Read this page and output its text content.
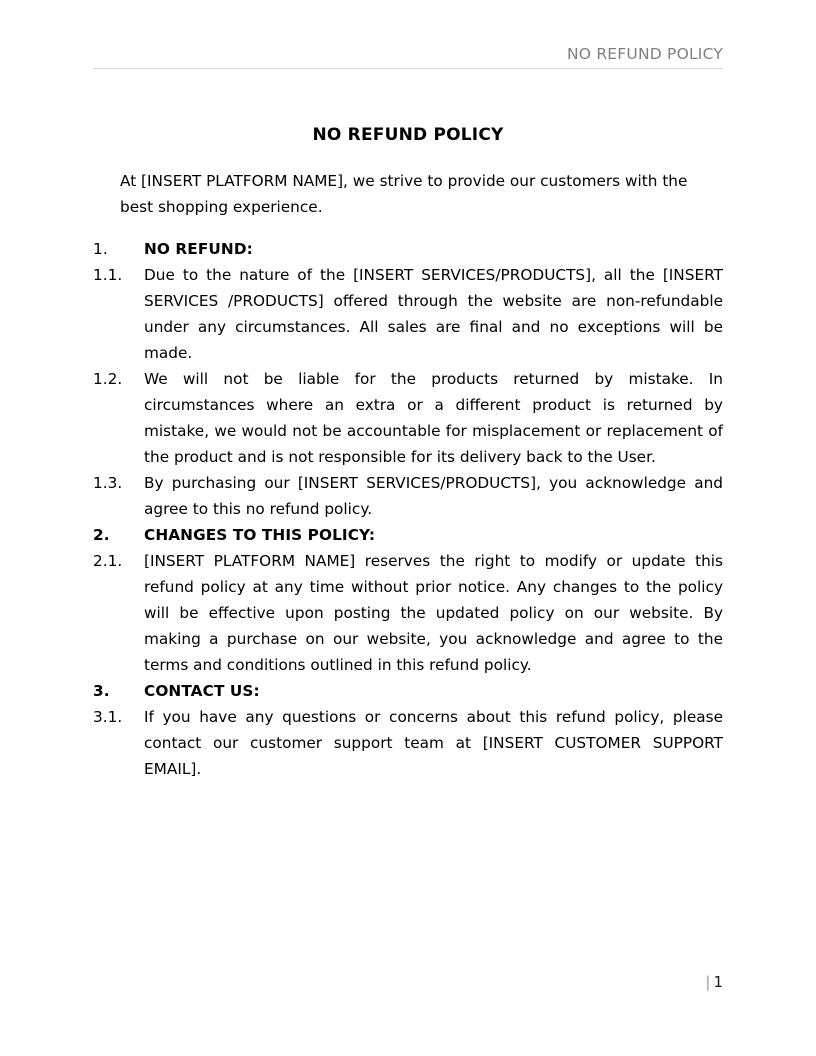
NO REFUND POLICY
NO REFUND POLICY

At [INSERT PLATFORM NAME], we strive to provide our customers with the best shopping experience.

1.	NO REFUND:
1.1.	Due to the nature of the [INSERT SERVICES/PRODUCTS], all the [INSERT SERVICES /PRODUCTS] offered through the website are non-refundable under any circumstances. All sales are final and no exceptions will be made.
1.2.	We will not be liable for the products returned by mistake. In circumstances where an extra or a different product is returned by mistake, we would not be accountable for misplacement or replacement of the product and is not responsible for its delivery back to the User.
1.3.	By purchasing our [INSERT SERVICES/PRODUCTS], you acknowledge and agree to this no refund policy.
2.	CHANGES TO THIS POLICY:
2.1.	[INSERT PLATFORM NAME] reserves the right to modify or update this refund policy at any time without prior notice. Any changes to the policy will be effective upon posting the updated policy on our website. By making a purchase on our website, you acknowledge and agree to the terms and conditions outlined in this refund policy.
3.	CONTACT US:
3.1.	If you have any questions or concerns about this refund policy, please contact our customer support team at [INSERT CUSTOMER SUPPORT EMAIL].
| 1
